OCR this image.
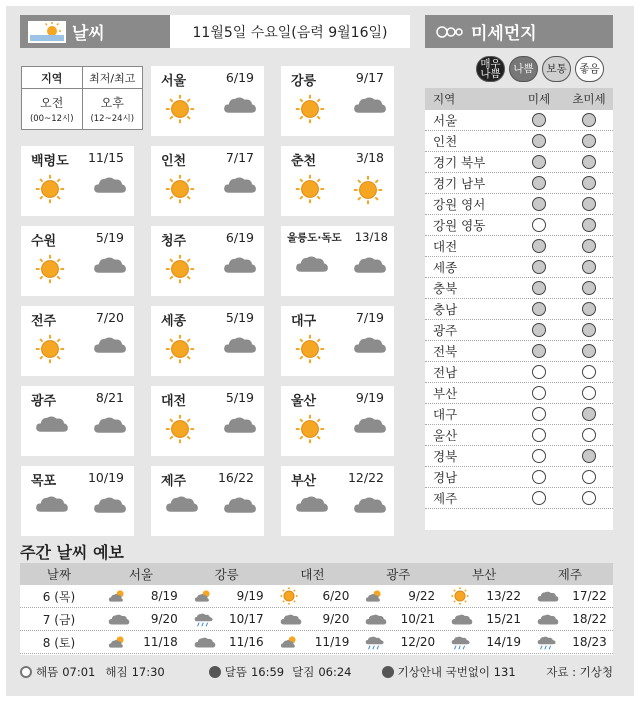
날씨	11월5일 수요일(음력 9월16일)	미세먼지
지역	최저/최고
오전
(00~12시)
오후
(12~24시)
서울	6/19	강릉	9/17
백령도 11/15	인천	7/17	춘천	3/18
수원	5/19	청주	6/19	울릉도·독도 13/18
전주	7/20	세종	5/19	대구	7/19
광주	8/21	대전	5/19	울산	9/19
목포	10/19	제주	16/22	부산	12/22
매우나쁨	나쁨	보통	좋음
지역	미세	초미세
서울
인천
경기 북부
경기 남부
강원 영서
강원 영동
대전
세종
충북
충남
광주
전북
전남
부산
대구
울산
경북
경남
제주
주간 날씨 예보
날짜	서울	강릉	대전	광주	부산	제주
6 (목)	8/19	9/19	6/20	9/22	13/22	17/22
7 (금)	9/20	10/17	9/20	10/21	15/21	18/22
8 (토)	11/18	11/16	11/19	12/20	14/19	18/23
해뜸 07:01 해짐 17:30	달뜸 16:59 달짐 06:24	기상안내 국번없이 131	자료 : 기상청
